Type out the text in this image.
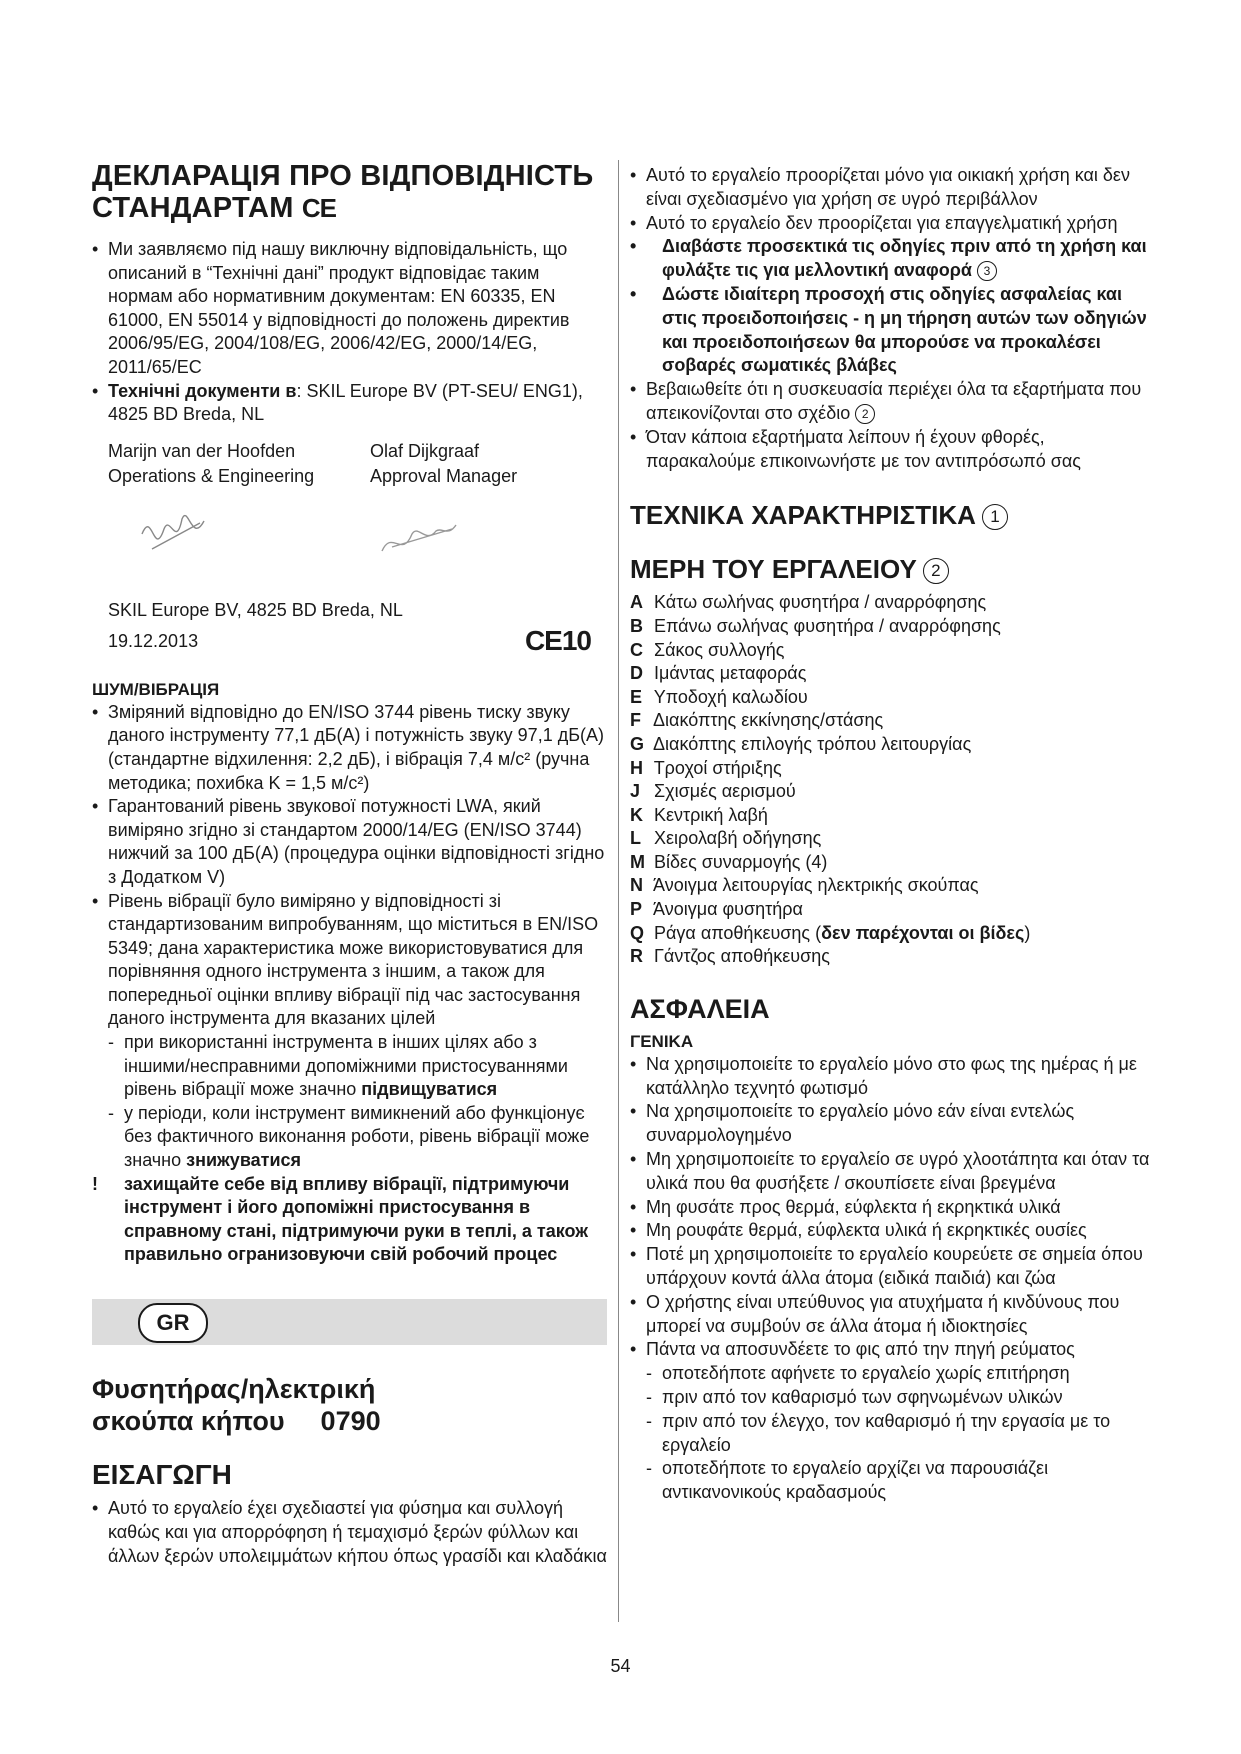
ДЕКЛАРАЦІЯ ПРО ВІДПОВІДНІСТЬ СТАНДАРТАМ CE
• Ми заявляємо під нашу виключну відповідальність, що описаний в “Технічні дані” продукт відповідає таким нормам або нормативним документам: EN 60335, EN 61000, EN 55014 у відповідності до положень директив 2006/95/EG, 2004/108/EG, 2006/42/EG, 2000/14/EG, 2011/65/EC
• Технічні документи в: SKIL Europe BV (PT-SEU/ ENG1), 4825 BD Breda, NL
Marijn van der Hoofden
Operations & Engineering
Olaf Dijkgraaf
Approval Manager
SKIL Europe BV, 4825 BD Breda, NL
19.12.2013	CE10
ШУМ/ВІБРАЦІЯ
• Зміряний відповідно до EN/ISO 3744 рівень тиску звуку даного інструменту 77,1 дБ(A) і потужність звуку 97,1 дБ(A) (стандартне відхилення: 2,2 дБ), і вібрація 7,4 м/с² (ручна методика; похибка K = 1,5 м/с²)
• Гарантований рівень звукової потужності LWA, який виміряно згідно зі стандартом 2000/14/EG (EN/ISO 3744) нижчий за 100 дБ(A) (процедура оцінки відповідності згідно з Додатком V)
• Рівень вібрації було виміряно у відповідності зі стандартизованим випробуванням, що міститься в EN/ISO 5349; дана характеристика може використовуватися для порівняння одного інструмента з іншим, а також для попередньої оцінки впливу вібрації під час застосування даного інструмента для вказаних цілей
- при використанні інструмента в інших цілях або з іншими/несправними допоміжними пристосуваннями рівень вібрації може значно підвищуватися
- у періоди, коли інструмент вимикнений або функціонує без фактичного виконання роботи, рівень вібрації може значно знижуватися
! захищайте себе від впливу вібрації, підтримуючи інструмент і його допоміжні пристосування в справному стані, підтримуючи руки в теплі, а також правильно огранизовуючи свій робочий процес
GR
Φυσητήρας/ηλεκτρική
σκούπα κήπου 0790
ΕΙΣΑΓΩΓΗ
• Αυτό το εργαλείο έχει σχεδιαστεί για φύσημα και συλλογή καθώς και για απορρόφηση ή τεμαχισμό ξερών φύλλων και άλλων ξερών υπολειμμάτων κήπου όπως γρασίδι και κλαδάκια
• Αυτό το εργαλείο προορίζεται μόνο για οικιακή χρήση και δεν είναι σχεδιασμένο για χρήση σε υγρό περιβάλλον
• Αυτό το εργαλείο δεν προορίζεται για επαγγελματική χρήση
• Διαβάστε προσεκτικά τις οδηγίες πριν από τη χρήση και φυλάξτε τις για μελλοντική αναφορά 3
• Δώστε ιδιαίτερη προσοχή στις οδηγίες ασφαλείας και στις προειδοποιήσεις - η μη τήρηση αυτών των οδηγιών και προειδοποιήσεων θα μπορούσε να προκαλέσει σοβαρές σωματικές βλάβες
• Βεβαιωθείτε ότι η συσκευασία περιέχει όλα τα εξαρτήματα που απεικονίζονται στο σχέδιο 2
• Όταν κάποια εξαρτήματα λείπουν ή έχουν φθορές, παρακαλούμε επικοινωνήστε με τον αντιπρόσωπό σας
ΤΕΧΝΙΚΑ ΧΑΡΑΚΤΗΡΙΣΤΙΚΑ 1
ΜΕΡΗ ΤΟΥ ΕΡΓΑΛΕΙΟΥ 2
A Κάτω σωλήνας φυσητήρα / αναρρόφησης
B Επάνω σωλήνας φυσητήρα / αναρρόφησης
C Σάκος συλλογής
D Ιμάντας μεταφοράς
E Υποδοχή καλωδίου
F Διακόπτης εκκίνησης/στάσης
G Διακόπτης επιλογής τρόπου λειτουργίας
H Τροχοί στήριξης
J Σχισμές αερισμού
K Κεντρική λαβή
L Χειρολαβή οδήγησης
M Βίδες συναρμογής (4)
N Άνοιγμα λειτουργίας ηλεκτρικής σκούπας
P Άνοιγμα φυσητήρα
Q Ράγα αποθήκευσης (δεν παρέχονται οι βίδες)
R Γάντζος αποθήκευσης
ΑΣΦΑΛΕΙΑ
ΓΕΝΙΚΑ
• Να χρησιμοποιείτε το εργαλείο μόνο στο φως της ημέρας ή με κατάλληλο τεχνητό φωτισμό
• Να χρησιμοποιείτε το εργαλείο μόνο εάν είναι εντελώς συναρμολογημένο
• Μη χρησιμοποιείτε το εργαλείο σε υγρό χλοοτάπητα και όταν τα υλικά που θα φυσήξετε / σκουπίσετε είναι βρεγμένα
• Μη φυσάτε προς θερμά, εύφλεκτα ή εκρηκτικά υλικά
• Μη ρουφάτε θερμά, εύφλεκτα υλικά ή εκρηκτικές ουσίες
• Ποτέ μη χρησιμοποιείτε το εργαλείο κουρεύετε σε σημεία όπου υπάρχουν κοντά άλλα άτομα (ειδικά παιδιά) και ζώα
• Ο χρήστης είναι υπεύθυνος για ατυχήματα ή κινδύνους που μπορεί να συμβούν σε άλλα άτομα ή ιδιοκτησίες
• Πάντα να αποσυνδέετε το φις από την πηγή ρεύματος
- οποτεδήποτε αφήνετε το εργαλείο χωρίς επιτήρηση
- πριν από τον καθαρισμό των σφηνωμένων υλικών
- πριν από τον έλεγχο, τον καθαρισμό ή την εργασία με το εργαλείο
- οποτεδήποτε το εργαλείο αρχίζει να παρουσιάζει αντικανονικούς κραδασμούς
54
